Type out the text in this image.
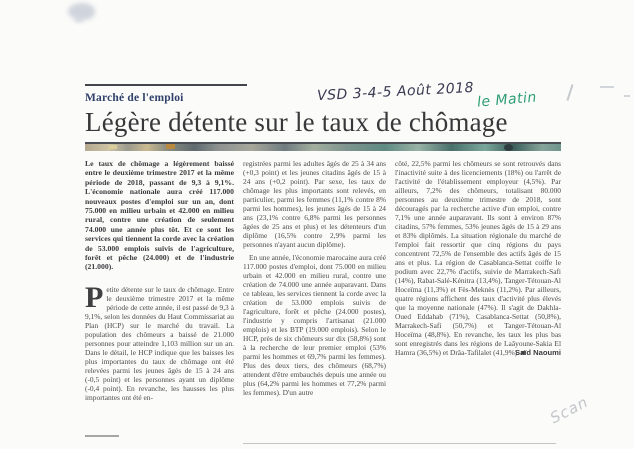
Scan
VSD 3-4-5 Août 2018 le Matin
Marché de l'emploi
Légère détente sur le taux de chômage
Le taux de chômage a légèrement baissé entre le deuxième trimestre 2017 et la même période de 2018, passant de 9,3 à 9,1%. L'économie nationale aura créé 117.000 nouveaux postes d'emploi sur un an, dont 75.000 en milieu urbain et 42.000 en milieu rural, contre une création de seulement 74.000 une année plus tôt. Et ce sont les services qui tiennent la corde avec la création de 53.000 emplois suivis de l'agriculture, forêt et pêche (24.000) et de l'industrie (21.000).
Petite détente sur le taux de chômage. Entre le deuxième trimestre 2017 et la même période de cette année, il est passé de 9,3 à 9,1%, selon les données du Haut Commissariat au Plan (HCP) sur le marché du travail. La population des chômeurs a baissé de 21.000 personnes pour atteindre 1,103 million sur un an. Dans le détail, le HCP indique que les baisses les plus importantes du taux de chômage ont été relevées parmi les jeunes âgés de 15 à 24 ans (-0,5 point) et les personnes ayant un diplôme (-0,4 point). En revanche, les hausses les plus importantes ont été en-
registrées parmi les adultes âgés de 25 à 34 ans (+0,3 point) et les jeunes citadins âgés de 15 à 24 ans (+0,2 point). Par sexe, les taux de chômage les plus importants sont relevés, en particulier, parmi les femmes (11,1% contre 8% parmi les hommes), les jeunes âgés de 15 à 24 ans (23,1% contre 6,8% parmi les personnes âgées de 25 ans et plus) et les détenteurs d'un diplôme (16,5% contre 2,9% parmi les personnes n'ayant aucun diplôme).
En une année, l'économie marocaine aura créé 117.000 postes d'emploi, dont 75.000 en milieu urbain et 42.000 en milieu rural, contre une création de 74.000 une année auparavant. Dans ce tableau, les services tiennent la corde avec la création de 53.000 emplois suivis de l'agriculture, forêt et pêche (24.000 postes), l'industrie y compris l'artisanat (21.000 emplois) et les BTP (19.000 emplois). Selon le HCP, près de six chômeurs sur dix (58,8%) sont à la recherche de leur premier emploi (53% parmi les hommes et 69,7% parmi les femmes). Plus des deux tiers, des chômeurs (68,7%) attendent d'être embauchés depuis une année ou plus (64,2% parmi les hommes et 77,2% parmi les femmes). D'un autre
côté, 22,5% parmi les chômeurs se sont retrouvés dans l'inactivité suite à des licenciements (18%) ou l'arrêt de l'activité de l'établissement employeur (4,5%). Par ailleurs, 7,2% des chômeurs, totalisant 80.000 personnes au deuxième trimestre de 2018, sont découragés par la recherche active d'un emploi, contre 7,1% une année auparavant. Ils sont à environ 87% citadins, 57% femmes, 53% jeunes âgés de 15 à 29 ans et 83% diplômés. La situation régionale du marché de l'emploi fait ressortir que cinq régions du pays concentrent 72,5% de l'ensemble des actifs âgés de 15 ans et plus. La région de Casablanca-Settat coiffe le podium avec 22,7% d'actifs, suivie de Marrakech-Safi (14%), Rabat-Salé-Kénitra (13,4%), Tanger-Tétouan-Al Hoceïma (11,3%) et Fès-Meknès (11,2%). Par ailleurs, quatre régions affichent des taux d'activité plus élevés que la moyenne nationale (47%). Il s'agit de Dakhla-Oued Eddahab (71%), Casablanca-Settat (50,8%), Marrakech-Safi (50,7%) et Tanger-Tétouan-Al Hoceïma (48,8%). En revanche, les taux les plus bas sont enregistrés dans les régions de Laâyoune-Sakia El Hamra (36,5%) et Drâa-Tafilalet (41,9%). ■
Saïd Naoumi
